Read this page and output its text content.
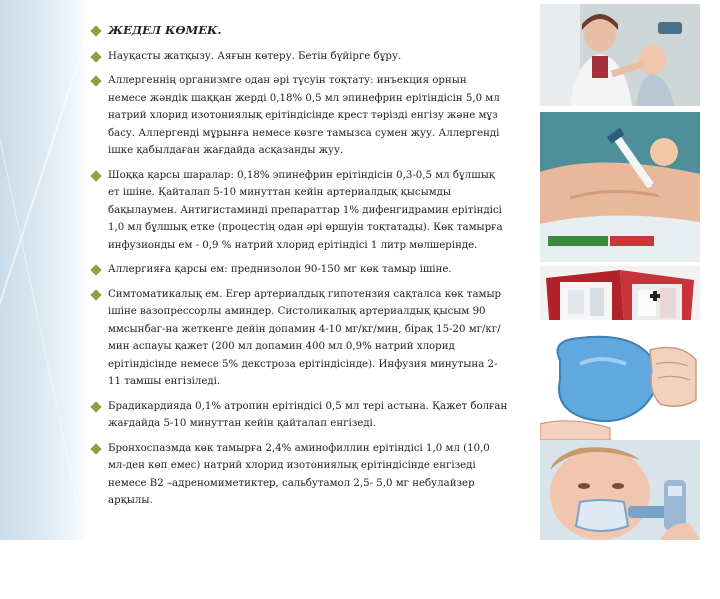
ЖЕДЕЛ КӨМЕК.
Науқасты жатқызу. Аяғын көтеру. Бетін бүйірге бұру.
Аллергеннің организмге одан әрі түсуін тоқтату: инъекция орнын немесе жәндік шаққан жерді 0,18% 0,5 мл эпинефрин ерітіндісін 5,0 мл натрий хлорид изотониялық ерітіндісінде крест тәрізді енгізу және мұз басу. Аллергенді мұрынға немесе көзге тамызса сумен жуу. Аллергенді ішке қабылдаған жағдайда асқазанды жуу.
Шоққа қарсы шаралар: 0,18% эпинефрин ерітіндісін 0,3-0,5 мл бұлшық ет ішіне. Қайталап 5-10 минуттан кейін артериалдық қысымды бақылаумен. Антигистаминді препараттар 1% дифенгидрамин ерітіндісі 1,0 мл бұлшық етке (процестің одан әрі өршуін тоқтатады). Көк тамырға инфузионды ем - 0,9 % натрий хлорид ерітіндісі 1 литр мөлшерінде.
Аллергияға қарсы ем: преднизолон 90-150 мг көк тамыр ішіне.
Симтоматикалық ем. Егер артериалдық гипотензия сақталса көк тамыр ішіне вазопрессорлы аминдер. Систоликалық артериалдық қысым 90 ммсынбаг-на жеткенге дейін допамин 4-10 мг/кг/мин, бірақ 15-20 мг/кг/мин аспауы қажет (200 мл допамин 400 мл 0,9% натрий хлорид ерітіндісінде немесе 5% декстроза ерітіндісінде). Инфузия минутына 2-11 тамшы енгізіледі.
Брадикардияда 0,1% атропин ерітіндісі 0,5 мл тері астына. Қажет болған жағдайда 5-10 минуттан кейін қайталап енгізеді.
Бронхоспазмда көк тамырға 2,4% аминофиллин ерітіндісі 1,0 мл (10,0 мл-ден көп емес) натрий хлорид изотониялық ерітіндісінде енгізеді немесе В2 –адреномиметиктер, сальбутамол 2,5- 5,0 мг небулайзер арқылы.
